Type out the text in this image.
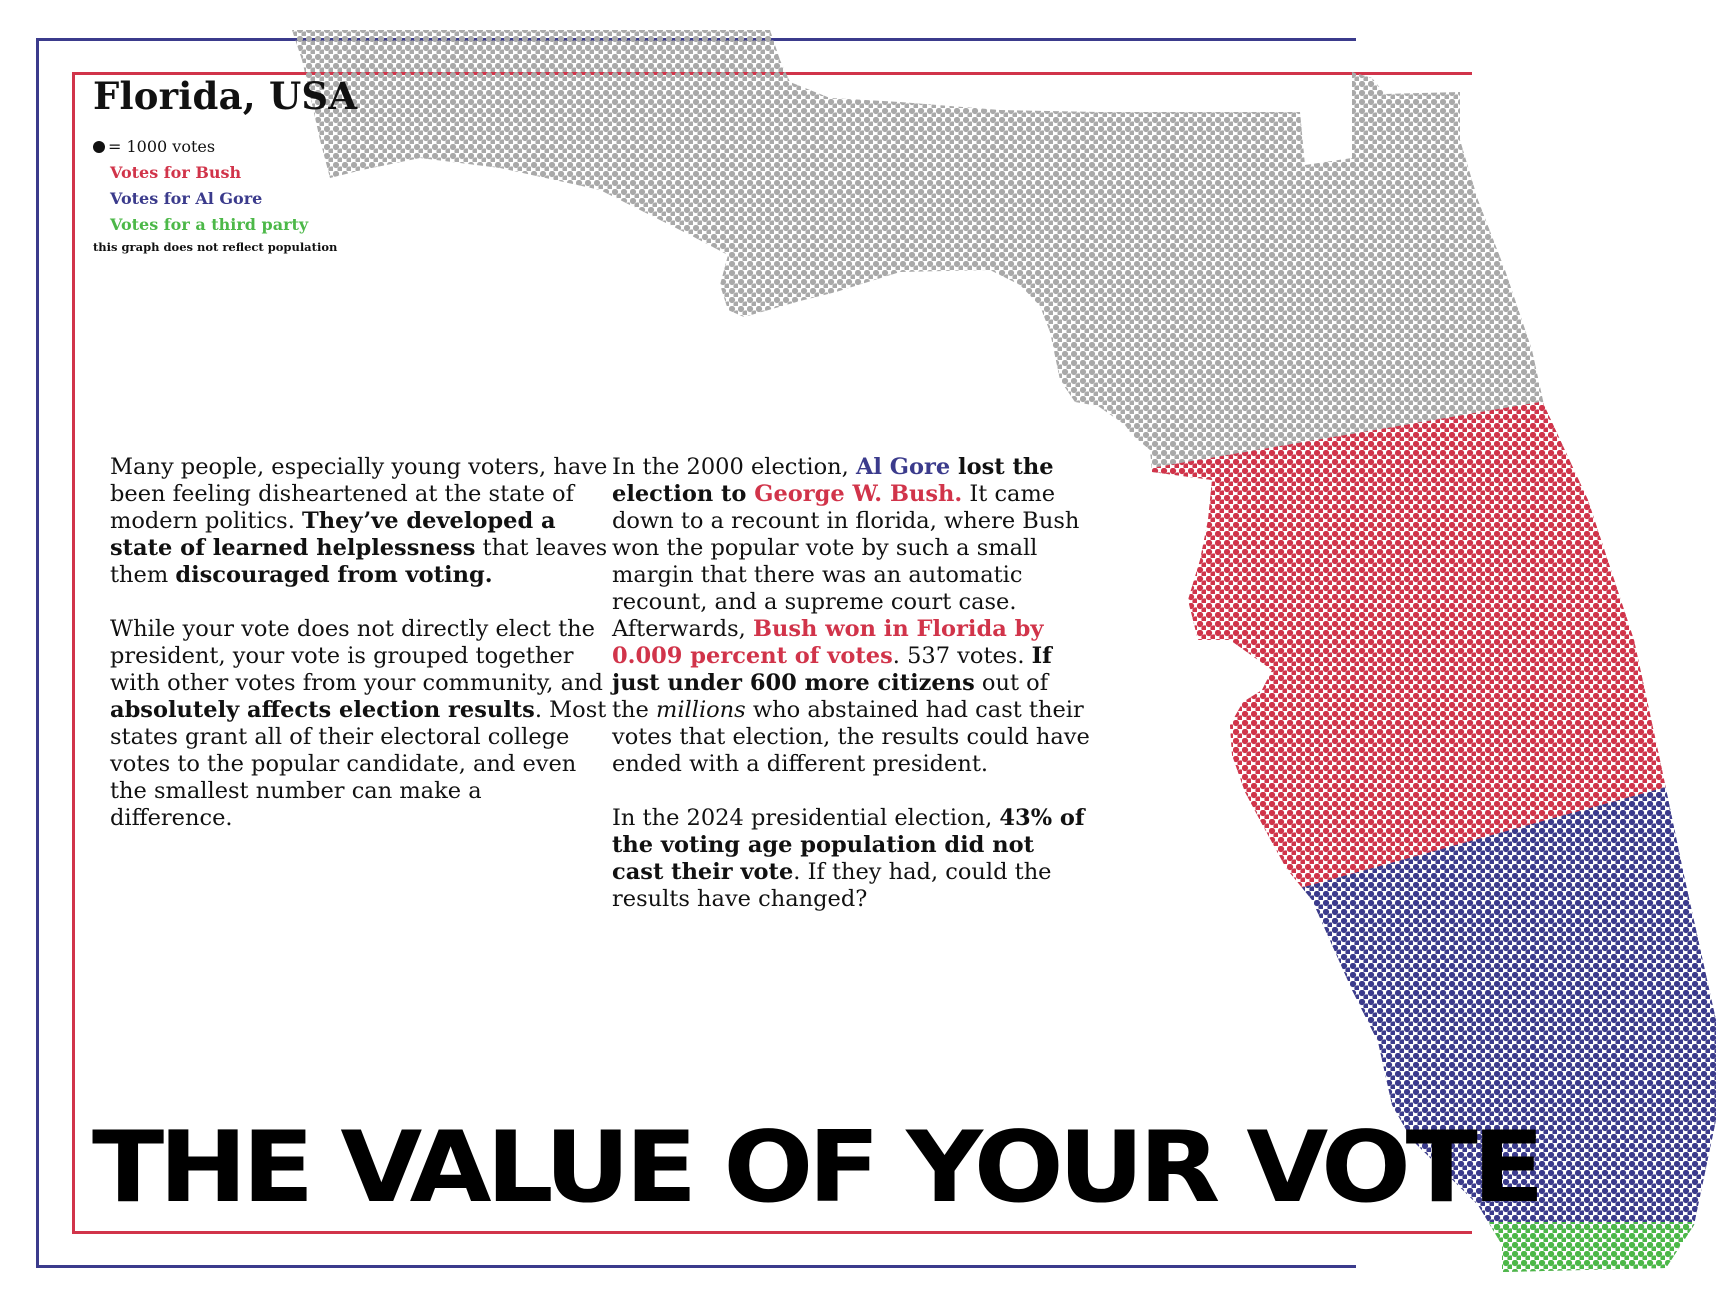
Florida, USA
= 1000 votes
Votes for Bush
Votes for Al Gore
Votes for a third party
this graph does not reflect population

Many people, especially young voters, have been feeling disheartened at the state of modern politics. They’ve developed a state of learned helplessness that leaves them discouraged from voting.

While your vote does not directly elect the president, your vote is grouped together with other votes from your community, and absolutely affects election results. Most states grant all of their electoral college votes to the popular candidate, and even the smallest number can make a difference.

In the 2000 election, Al Gore lost the election to George W. Bush. It came down to a recount in florida, where Bush won the popular vote by such a small margin that there was an automatic recount, and a supreme court case. Afterwards, Bush won in Florida by 0.009 percent of votes. 537 votes. If just under 600 more citizens out of the millions who abstained had cast their votes that election, the results could have ended with a different president.

In the 2024 presidential election, 43% of the voting age population did not cast their vote. If they had, could the results have changed?

THE VALUE OF YOUR VOTE
